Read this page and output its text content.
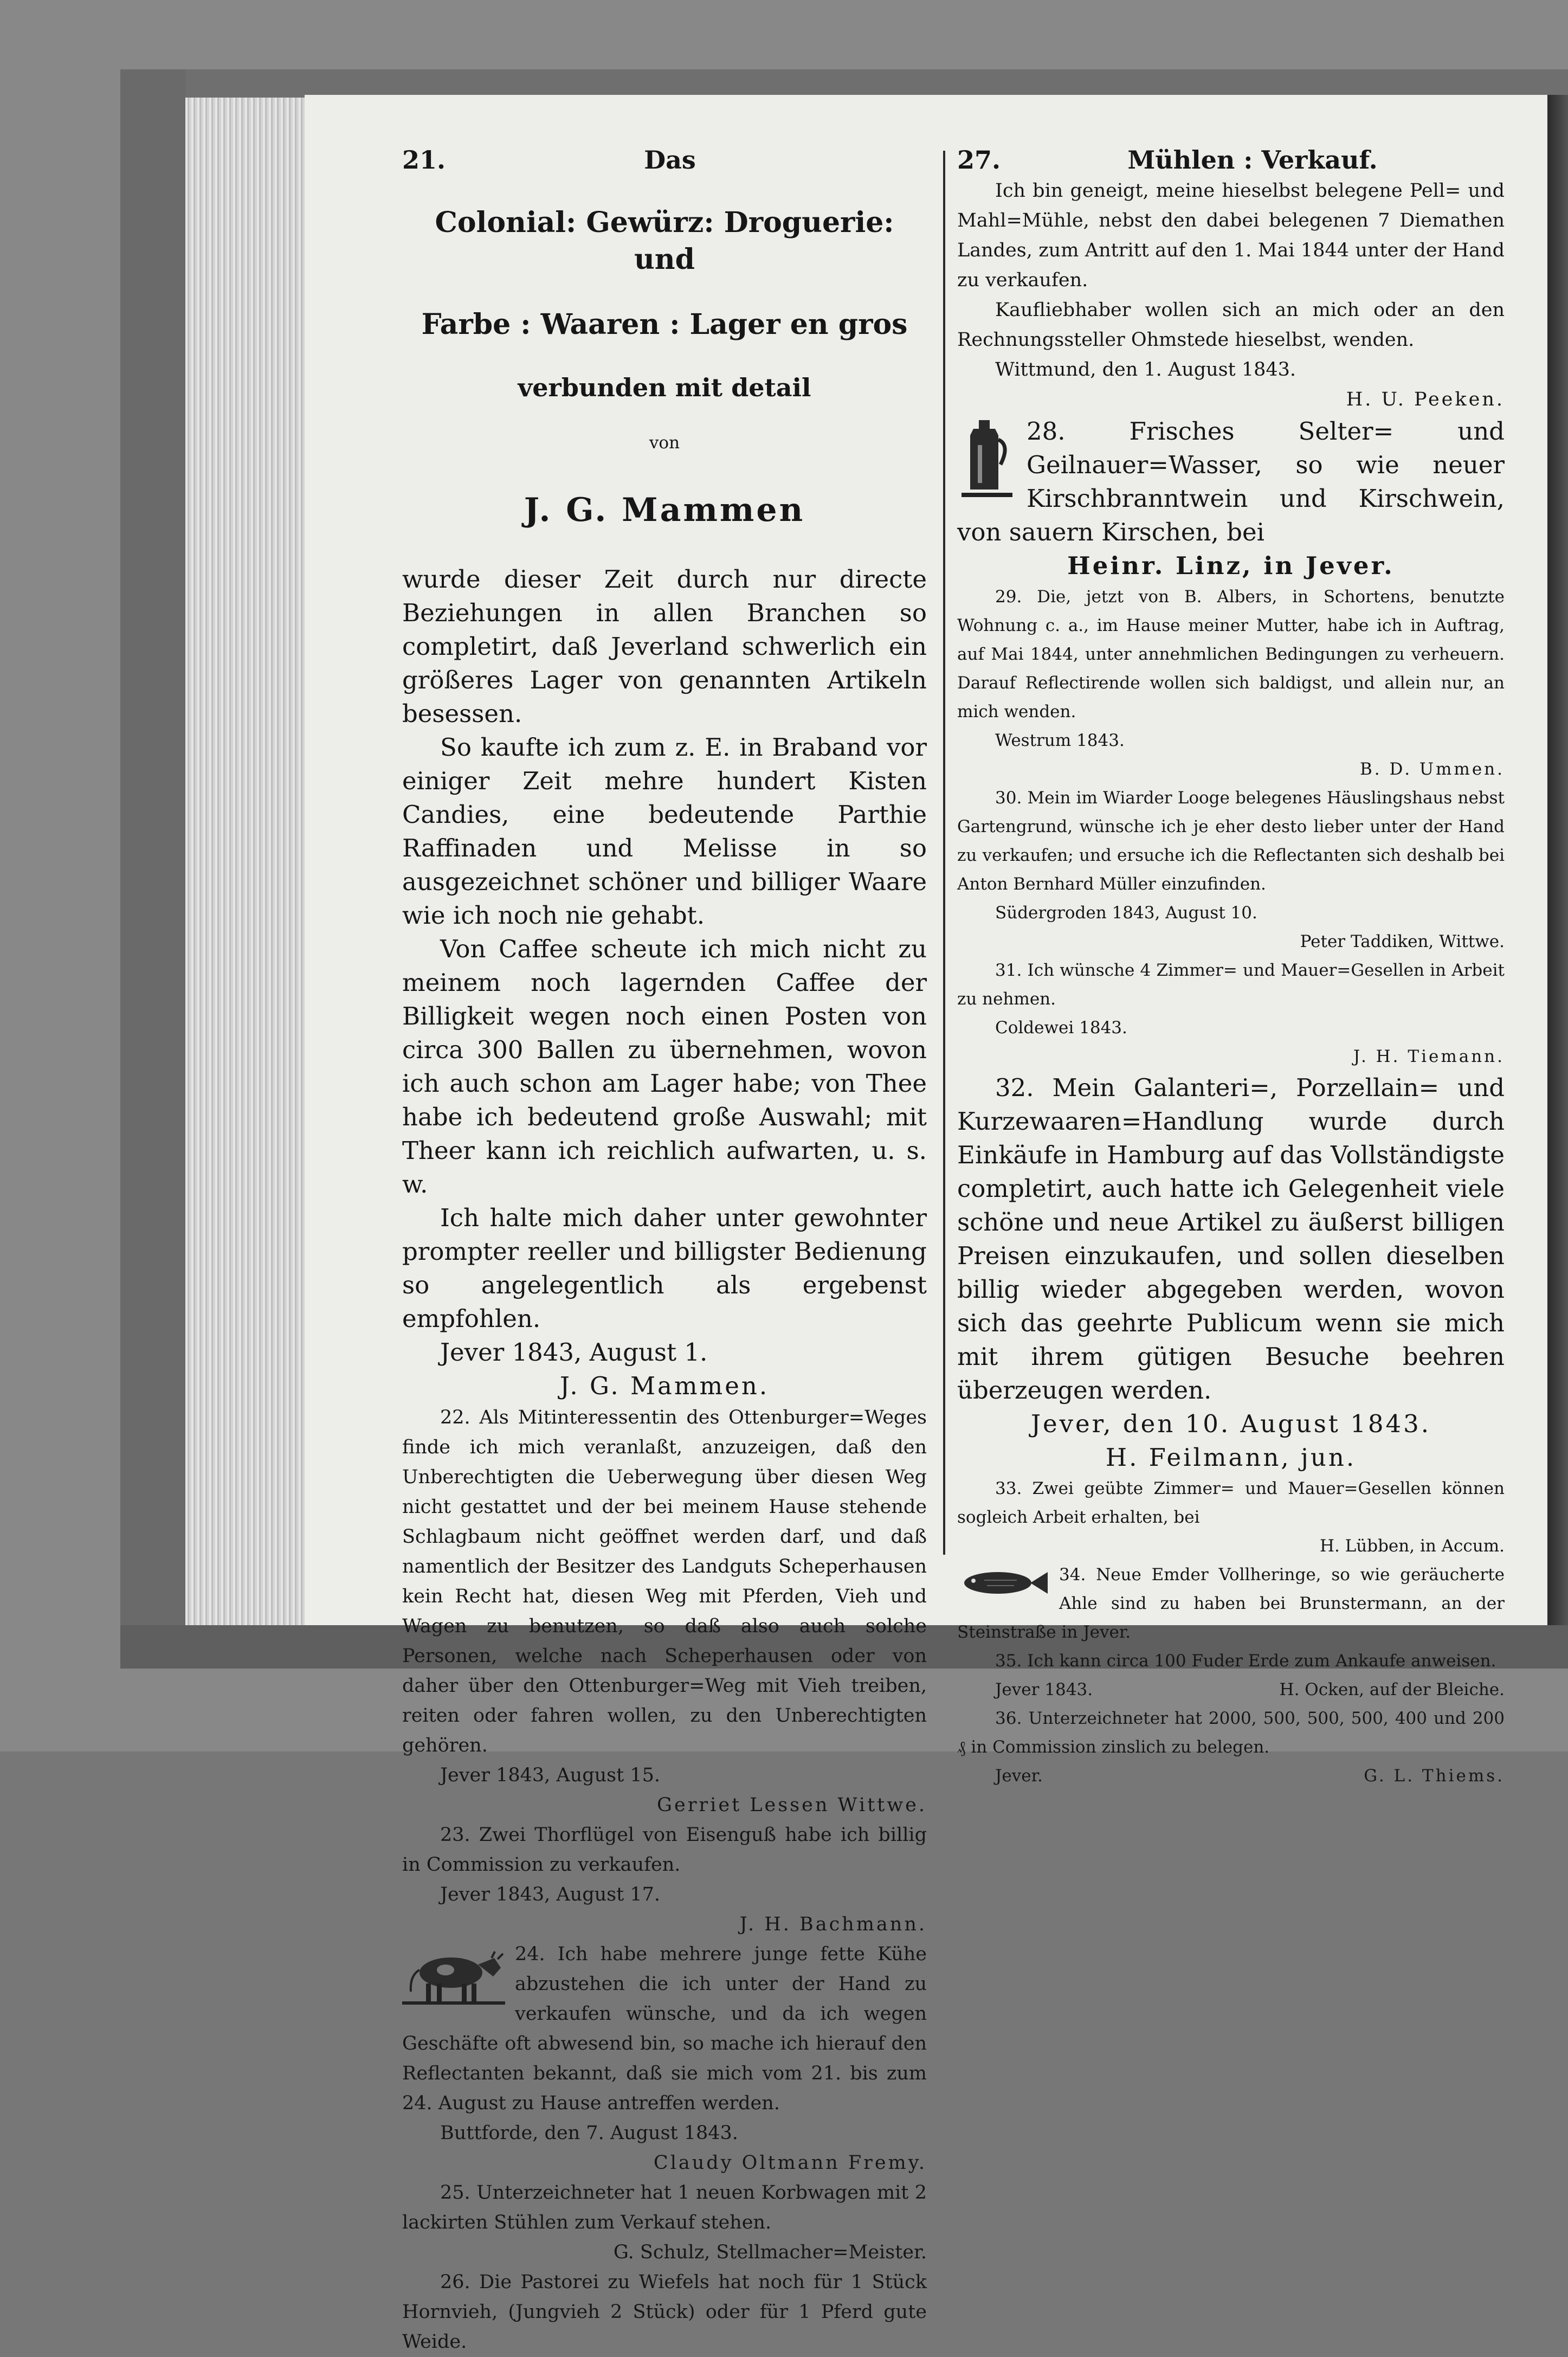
21.	Das

Colonial: Gewürz: Droguerie: und

Farbe : Waaren : Lager en gros

verbunden mit detail

von

J. G. Mammen

wurde dieser Zeit durch nur directe Beziehungen in allen Branchen so completirt, daß Jeverland schwerlich ein größeres Lager von genannten Artikeln besessen.

So kaufte ich zum z. E. in Braband vor einiger Zeit mehre hundert Kisten Candies, eine bedeutende Parthie Raffinaden und Melisse in so ausgezeichnet schöner und billiger Waare wie ich noch nie gehabt.

Von Caffee scheute ich mich nicht zu meinem noch lagernden Caffee der Billigkeit wegen noch einen Posten von circa 300 Ballen zu übernehmen, wovon ich auch schon am Lager habe; von Thee habe ich bedeutend große Auswahl; mit Theer kann ich reichlich aufwarten, u. s. w.

Ich halte mich daher unter gewohnter prompter reeller und billigster Bedienung so angelegentlich als ergebenst empfohlen.

Jever 1843, August 1.

J. G. Mammen.

22. Als Mitinteressentin des Ottenburger=Weges finde ich mich veranlaßt, anzuzeigen, daß den Unberechtigten die Ueberwegung über diesen Weg nicht gestattet und der bei meinem Hause stehende Schlagbaum nicht geöffnet werden darf, und daß namentlich der Besitzer des Landguts Scheperhausen kein Recht hat, diesen Weg mit Pferden, Vieh und Wagen zu benutzen, so daß also auch solche Personen, welche nach Scheperhausen oder von daher über den Ottenburger=Weg mit Vieh treiben, reiten oder fahren wollen, zu den Unberechtigten gehören.

Jever 1843, August 15.

Gerriet Lessen Wittwe.

23. Zwei Thorflügel von Eisenguß habe ich billig in Commission zu verkaufen.

Jever 1843, August 17.

J. H. Bachmann.

24. Ich habe mehrere junge fette Kühe abzustehen die ich unter der Hand zu verkaufen wünsche, und da ich wegen Geschäfte oft abwesend bin, so mache ich hierauf den Reflectanten bekannt, daß sie mich vom 21. bis zum 24. August zu Hause antreffen werden.

Buttforde, den 7. August 1843.

Claudy Oltmann Fremy.

25. Unterzeichneter hat 1 neuen Korbwagen mit 2 lackirten Stühlen zum Verkauf stehen.

G. Schulz, Stellmacher=Meister.

26. Die Pastorei zu Wiefels hat noch für 1 Stück Hornvieh, (Jungvieh 2 Stück) oder für 1 Pferd gute Weide.

27.	Mühlen : Verkauf.

Ich bin geneigt, meine hieselbst belegene Pell= und Mahl=Mühle, nebst den dabei belegenen 7 Diemathen Landes, zum Antritt auf den 1. Mai 1844 unter der Hand zu verkaufen.

Kaufliebhaber wollen sich an mich oder an den Rechnungssteller Ohmstede hieselbst, wenden.

Wittmund, den 1. August 1843.

H. U. Peeken.

28. Frisches Selter= und Geilnauer=Wasser, so wie neuer Kirschbranntwein und Kirschwein, von sauern Kirschen, bei

Heinr. Linz, in Jever.

29. Die, jetzt von B. Albers, in Schortens, benutzte Wohnung c. a., im Hause meiner Mutter, habe ich in Auftrag, auf Mai 1844, unter annehmlichen Bedingungen zu verheuern. Darauf Reflectirende wollen sich baldigst, und allein nur, an mich wenden.

Westrum 1843.

B. D. Ummen.

30. Mein im Wiarder Looge belegenes Häuslingshaus nebst Gartengrund, wünsche ich je eher desto lieber unter der Hand zu verkaufen; und ersuche ich die Reflectanten sich deshalb bei Anton Bernhard Müller einzufinden.

Südergroden 1843, August 10.

Peter Taddiken, Wittwe.

31. Ich wünsche 4 Zimmer= und Mauer=Gesellen in Arbeit zu nehmen.

Coldewei 1843.

J. H. Tiemann.

32. Mein Galanteri=, Porzellain= und Kurzewaaren=Handlung wurde durch Einkäufe in Hamburg auf das Vollständigste completirt, auch hatte ich Gelegenheit viele schöne und neue Artikel zu äußerst billigen Preisen einzukaufen, und sollen dieselben billig wieder abgegeben werden, wovon sich das geehrte Publicum wenn sie mich mit ihrem gütigen Besuche beehren überzeugen werden.

Jever, den 10. August 1843.

H. Feilmann, jun.

33. Zwei geübte Zimmer= und Mauer=Gesellen können sogleich Arbeit erhalten, bei

H. Lübben, in Accum.

34. Neue Emder Vollheringe, so wie geräucherte Ahle sind zu haben bei Brunstermann, an der Steinstraße in Jever.

35. Ich kann circa 100 Fuder Erde zum Ankaufe anweisen.

Jever 1843.	H. Ocken, auf der Bleiche.

36. Unterzeichneter hat 2000, 500, 500, 500, 400 und 200 ₰ in Commission zinslich zu belegen.

Jever.	G. L. Thiems.
